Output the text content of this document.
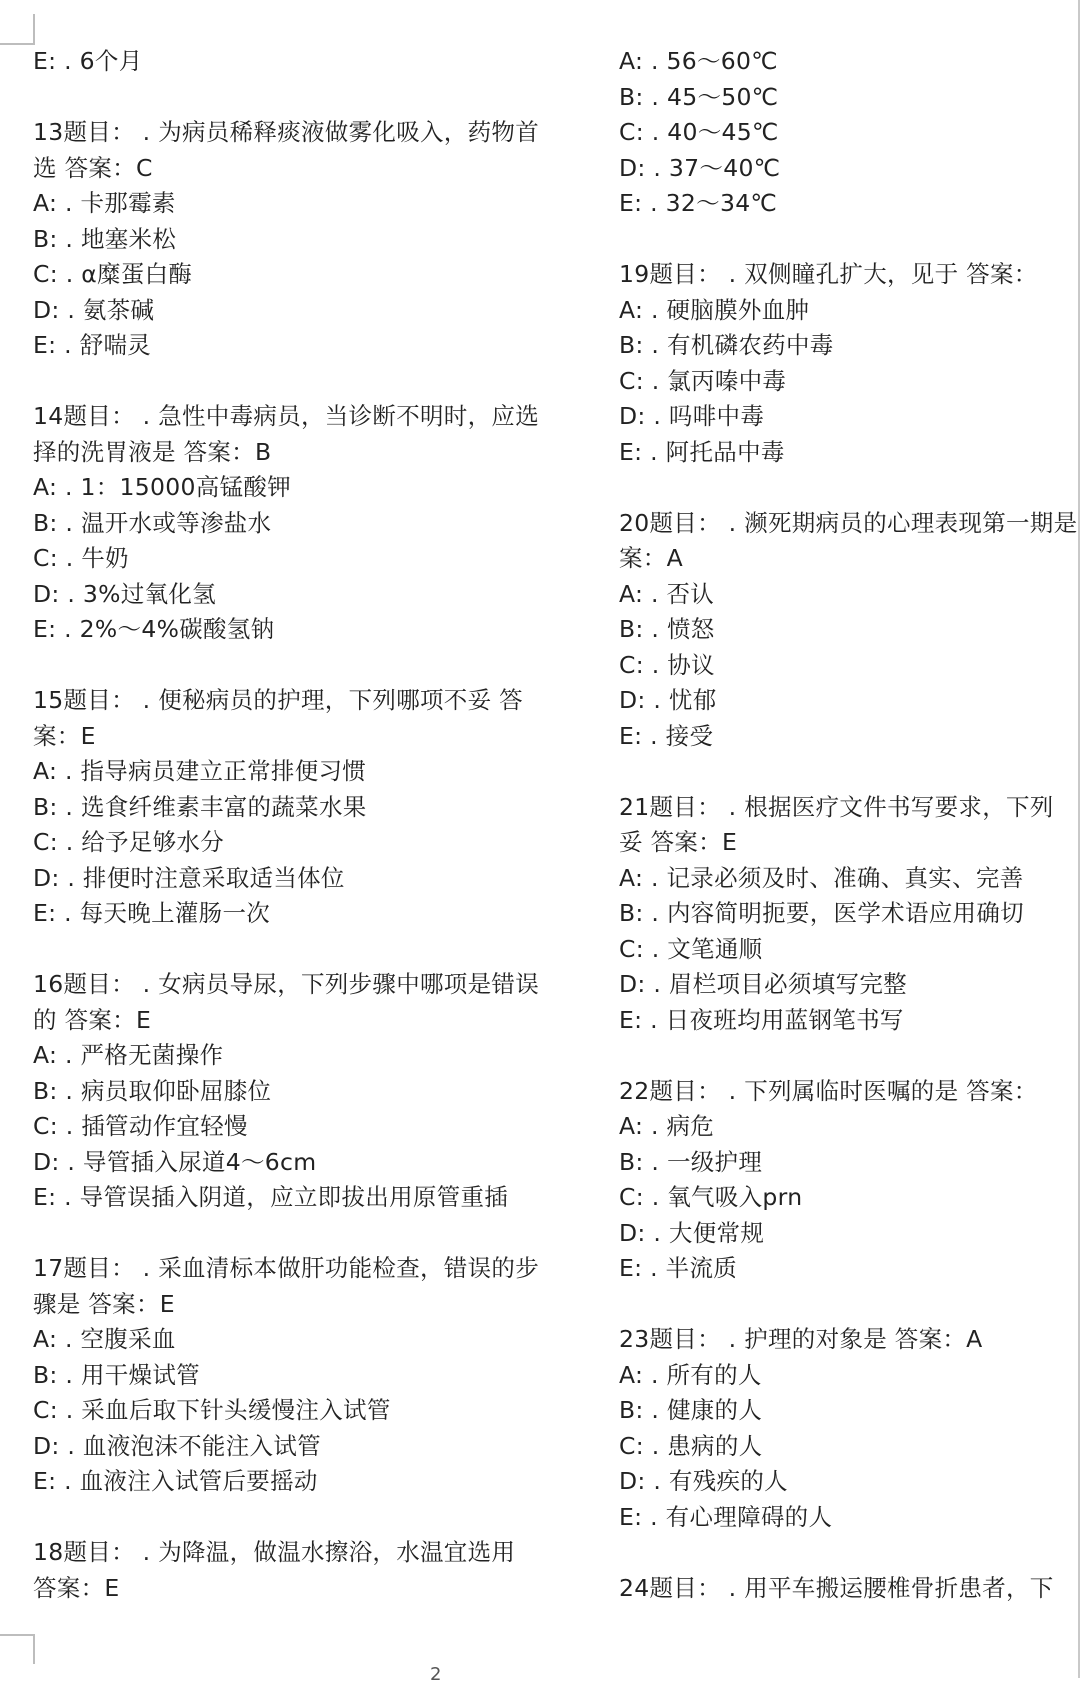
E: . 6个月
13题目： . 为病员稀释痰液做雾化吸入，药物首
选 答案：C
A: . 卡那霉素
B: . 地塞米松
C: . α糜蛋白酶
D: . 氨茶碱
E: . 舒喘灵
14题目： . 急性中毒病员，当诊断不明时，应选
择的洗胃液是 答案：B
A: . 1：15000高锰酸钾
B: . 温开水或等渗盐水
C: . 牛奶
D: . 3%过氧化氢
E: . 2%～4%碳酸氢钠
15题目： . 便秘病员的护理，下列哪项不妥 答
案：E
A: . 指导病员建立正常排便习惯
B: . 选食纤维素丰富的蔬菜水果
C: . 给予足够水分
D: . 排便时注意采取适当体位
E: . 每天晚上灌肠一次
16题目： . 女病员导尿，下列步骤中哪项是错误
的 答案：E
A: . 严格无菌操作
B: . 病员取仰卧屈膝位
C: . 插管动作宜轻慢
D: . 导管插入尿道4～6cm
E: . 导管误插入阴道，应立即拔出用原管重插
17题目： . 采血清标本做肝功能检查，错误的步
骤是 答案：E
A: . 空腹采血
B: . 用干燥试管
C: . 采血后取下针头缓慢注入试管
D: . 血液泡沫不能注入试管
E: . 血液注入试管后要摇动
18题目： . 为降温，做温水擦浴，水温宜选用
答案：E
A: . 56～60℃
B: . 45～50℃
C: . 40～45℃
D: . 37～40℃
E: . 32～34℃
19题目： . 双侧瞳孔扩大，见于 答案：
A: . 硬脑膜外血肿
B: . 有机磷农药中毒
C: . 氯丙嗪中毒
D: . 吗啡中毒
E: . 阿托品中毒
20题目： . 濒死期病员的心理表现第一期是
案：A
A: . 否认
B: . 愤怒
C: . 协议
D: . 忧郁
E: . 接受
21题目： . 根据医疗文件书写要求，下列
妥 答案：E
A: . 记录必须及时、准确、真实、完善
B: . 内容简明扼要，医学术语应用确切
C: . 文笔通顺
D: . 眉栏项目必须填写完整
E: . 日夜班均用蓝钢笔书写
22题目： . 下列属临时医嘱的是 答案：
A: . 病危
B: . 一级护理
C: . 氧气吸入prn
D: . 大便常规
E: . 半流质
23题目： . 护理的对象是 答案：A
A: . 所有的人
B: . 健康的人
C: . 患病的人
D: . 有残疾的人
E: . 有心理障碍的人
24题目： . 用平车搬运腰椎骨折患者，下
2
